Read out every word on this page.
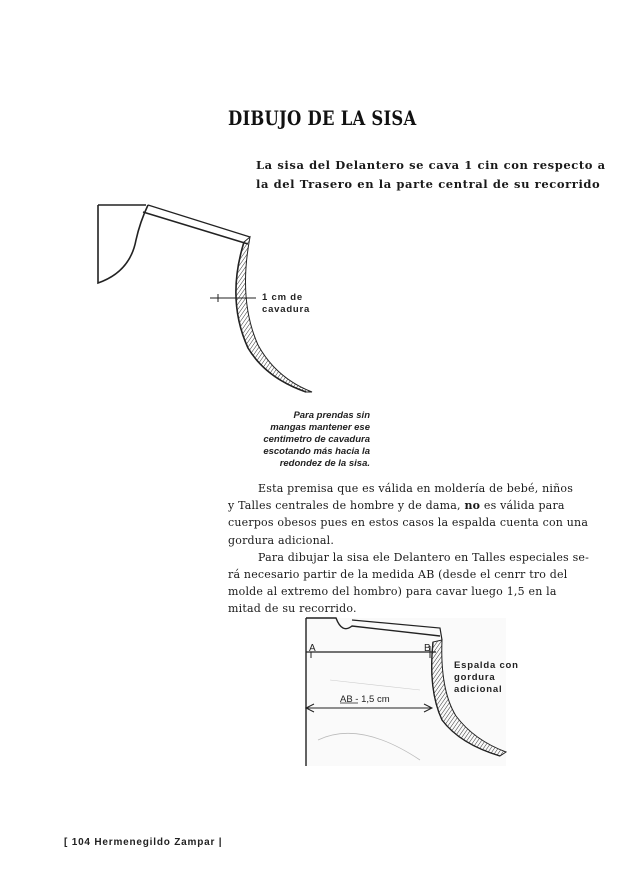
DIBUJO DE LA SISA
La sisa del Delantero se cava 1 cin con respecto a
la del Trasero en la parte central de su recorrido
A	B
AB - 1,5 cm
1 cm de
cavadura
Para prendas sin
mangas mantener ese
centimetro de cavadura
escotando más hacia la
redondez de la sisa.
Esta premisa que es válida en moldería de bebé, niños
y Talles centrales de hombre y de dama, no es válida para
cuerpos obesos pues en estos casos la espalda cuenta con una
gordura adicional.
Para dibujar la sisa ele Delantero en Talles especiales se-
rá necesario partir de la medida AB (desde el cenrr tro del
molde al extremo del hombro) para cavar luego 1,5 en la
mitad de su recorrido.
Espalda con
gordura
adicional
[ 104 Hermenegildo Zampar |
